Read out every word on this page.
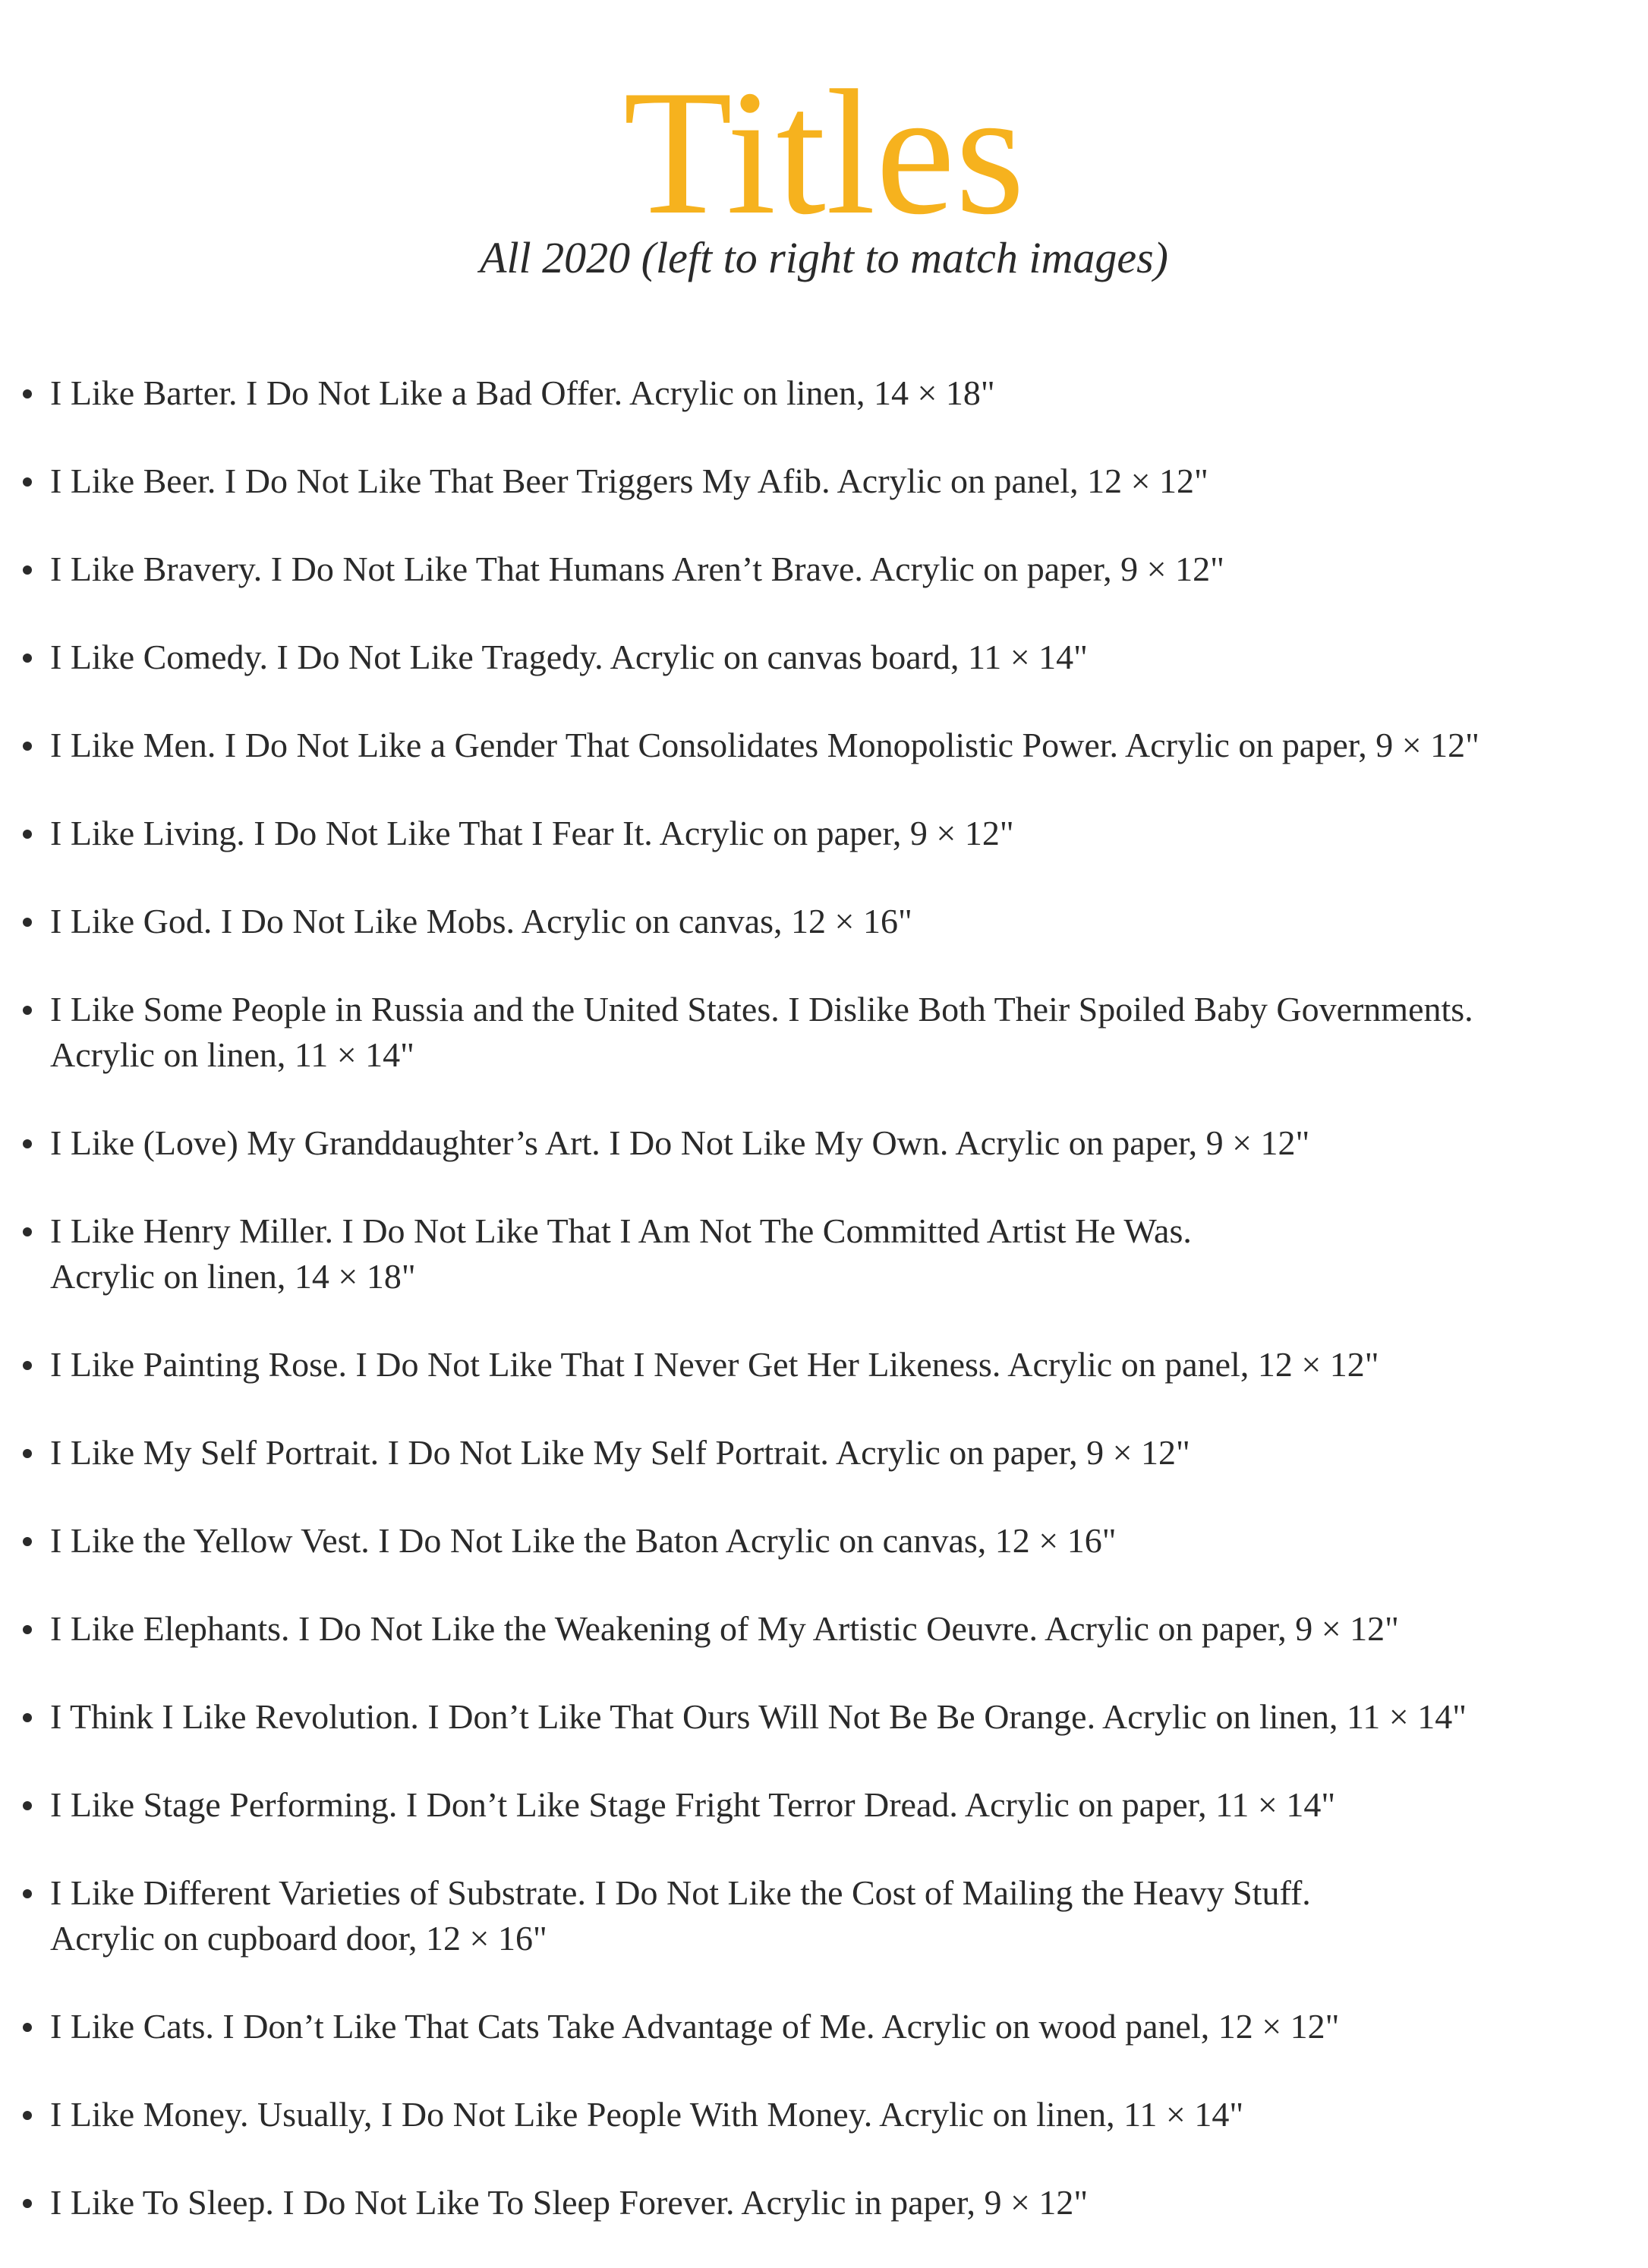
Titles

All 2020 (left to right to match images)

I Like Barter. I Do Not Like a Bad Offer. Acrylic on linen, 14 × 18"
I Like Beer. I Do Not Like That Beer Triggers My Afib. Acrylic on panel, 12 × 12"
I Like Bravery. I Do Not Like That Humans Aren’t Brave. Acrylic on paper, 9 × 12"
I Like Comedy. I Do Not Like Tragedy. Acrylic on canvas board, 11 × 14"
I Like Men. I Do Not Like a Gender That Consolidates Monopolistic Power. Acrylic on paper, 9 × 12"
I Like Living. I Do Not Like That I Fear It. Acrylic on paper, 9 × 12"
I Like God. I Do Not Like Mobs. Acrylic on canvas, 12 × 16"
I Like Some People in Russia and the United States. I Dislike Both Their Spoiled Baby Governments.
Acrylic on linen, 11 × 14"
I Like (Love) My Granddaughter’s Art. I Do Not Like My Own. Acrylic on paper, 9 × 12"
I Like Henry Miller. I Do Not Like That I Am Not The Committed Artist He Was.
Acrylic on linen, 14 × 18"
I Like Painting Rose. I Do Not Like That I Never Get Her Likeness. Acrylic on panel, 12 × 12"
I Like My Self Portrait. I Do Not Like My Self Portrait. Acrylic on paper, 9 × 12"
I Like the Yellow Vest. I Do Not Like the Baton Acrylic on canvas, 12 × 16"
I Like Elephants. I Do Not Like the Weakening of My Artistic Oeuvre. Acrylic on paper, 9 × 12"
I Think I Like Revolution. I Don’t Like That Ours Will Not Be Be Orange. Acrylic on linen, 11 × 14"
I Like Stage Performing. I Don’t Like Stage Fright Terror Dread. Acrylic on paper, 11 × 14"
I Like Different Varieties of Substrate. I Do Not Like the Cost of Mailing the Heavy Stuff.
Acrylic on cupboard door, 12 × 16"
I Like Cats. I Don’t Like That Cats Take Advantage of Me. Acrylic on wood panel, 12 × 12"
I Like Money. Usually, I Do Not Like People With Money. Acrylic on linen, 11 × 14"
I Like To Sleep. I Do Not Like To Sleep Forever. Acrylic in paper, 9 × 12"
